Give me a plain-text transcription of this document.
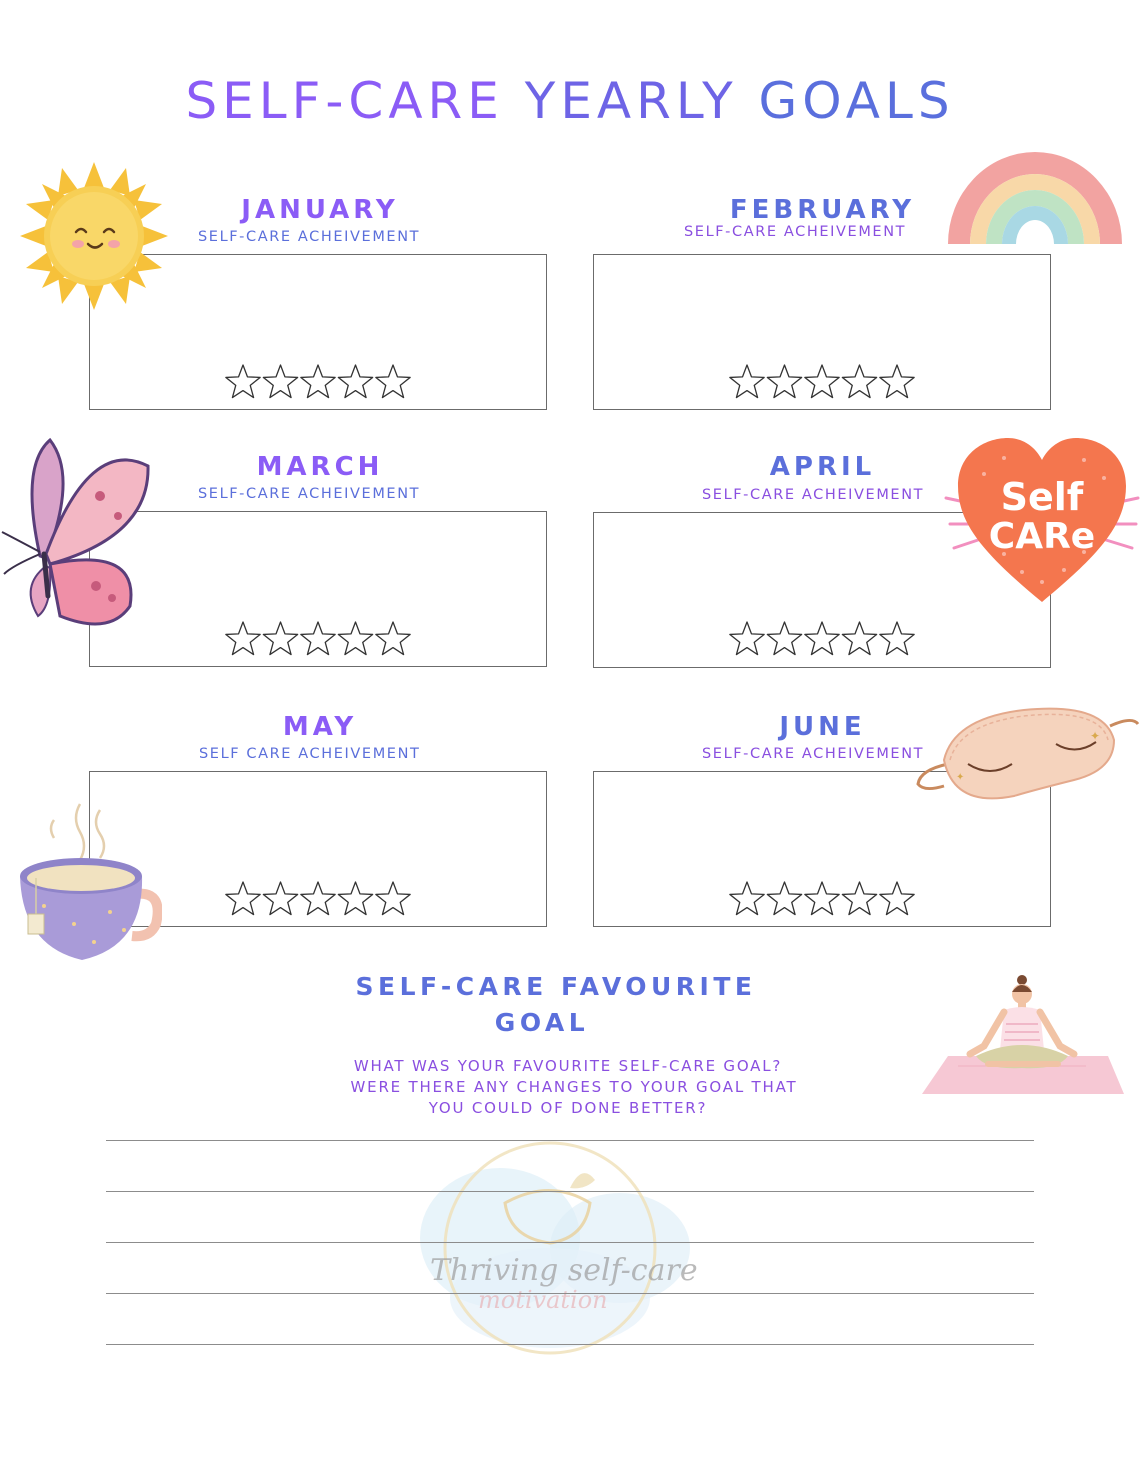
SELF-CARE YEARLY GOALS
JANUARY
SELF-CARE ACHEIVEMENT
FEBRUARY
SELF-CARE ACHEIVEMENT
MARCH
SELF-CARE ACHEIVEMENT
APRIL
SELF-CARE ACHEIVEMENT
MAY
SELF CARE ACHEIVEMENT
JUNE
SELF-CARE ACHEIVEMENT
SELF-CARE FAVOURITE
GOAL
WHAT WAS YOUR FAVOURITE SELF-CARE GOAL?
WERE THERE ANY CHANGES TO YOUR GOAL THAT
YOU COULD OF DONE BETTER?
Thriving self-care
motivation
Self
CARe
✦
✦
